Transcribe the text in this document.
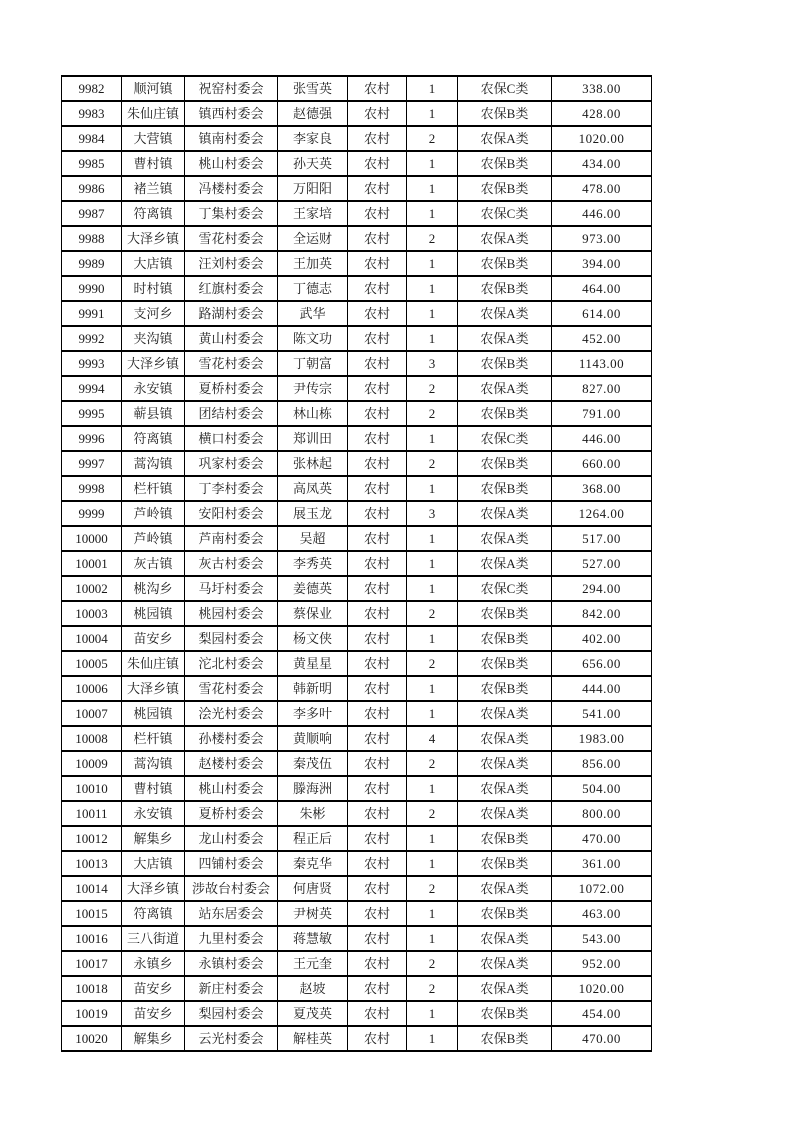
9982	顺河镇	祝窑村委会	张雪英	农村	1	农保C类	338.00
9983	朱仙庄镇	镇西村委会	赵德强	农村	1	农保B类	428.00
9984	大营镇	镇南村委会	李家良	农村	2	农保A类	1020.00
9985	曹村镇	桃山村委会	孙天英	农村	1	农保B类	434.00
9986	褚兰镇	冯楼村委会	万阳阳	农村	1	农保B类	478.00
9987	符离镇	丁集村委会	王家培	农村	1	农保C类	446.00
9988	大泽乡镇	雪花村委会	全运财	农村	2	农保A类	973.00
9989	大店镇	汪刘村委会	王加英	农村	1	农保B类	394.00
9990	时村镇	红旗村委会	丁德志	农村	1	农保B类	464.00
9991	支河乡	路湖村委会	武华	农村	1	农保A类	614.00
9992	夹沟镇	黄山村委会	陈文功	农村	1	农保A类	452.00
9993	大泽乡镇	雪花村委会	丁朝富	农村	3	农保B类	1143.00
9994	永安镇	夏桥村委会	尹传宗	农村	2	农保A类	827.00
9995	蕲县镇	团结村委会	林山栋	农村	2	农保B类	791.00
9996	符离镇	横口村委会	郑训田	农村	1	农保C类	446.00
9997	蒿沟镇	巩家村委会	张林起	农村	2	农保B类	660.00
9998	栏杆镇	丁李村委会	高凤英	农村	1	农保B类	368.00
9999	芦岭镇	安阳村委会	展玉龙	农村	3	农保A类	1264.00
10000	芦岭镇	芦南村委会	吴超	农村	1	农保A类	517.00
10001	灰古镇	灰古村委会	李秀英	农村	1	农保A类	527.00
10002	桃沟乡	马圩村委会	姜德英	农村	1	农保C类	294.00
10003	桃园镇	桃园村委会	蔡保业	农村	2	农保B类	842.00
10004	苗安乡	梨园村委会	杨文侠	农村	1	农保B类	402.00
10005	朱仙庄镇	沱北村委会	黄星星	农村	2	农保B类	656.00
10006	大泽乡镇	雪花村委会	韩新明	农村	1	农保B类	444.00
10007	桃园镇	浍光村委会	李多叶	农村	1	农保A类	541.00
10008	栏杆镇	孙楼村委会	黄顺响	农村	4	农保A类	1983.00
10009	蒿沟镇	赵楼村委会	秦茂伍	农村	2	农保A类	856.00
10010	曹村镇	桃山村委会	滕海洲	农村	1	农保A类	504.00
10011	永安镇	夏桥村委会	朱彬	农村	2	农保A类	800.00
10012	解集乡	龙山村委会	程正后	农村	1	农保B类	470.00
10013	大店镇	四铺村委会	秦克华	农村	1	农保B类	361.00
10014	大泽乡镇	涉故台村委会	何唐贤	农村	2	农保A类	1072.00
10015	符离镇	站东居委会	尹树英	农村	1	农保B类	463.00
10016	三八街道	九里村委会	蒋慧敏	农村	1	农保A类	543.00
10017	永镇乡	永镇村委会	王元奎	农村	2	农保A类	952.00
10018	苗安乡	新庄村委会	赵坡	农村	2	农保A类	1020.00
10019	苗安乡	梨园村委会	夏茂英	农村	1	农保B类	454.00
10020	解集乡	云光村委会	解桂英	农村	1	农保B类	470.00
